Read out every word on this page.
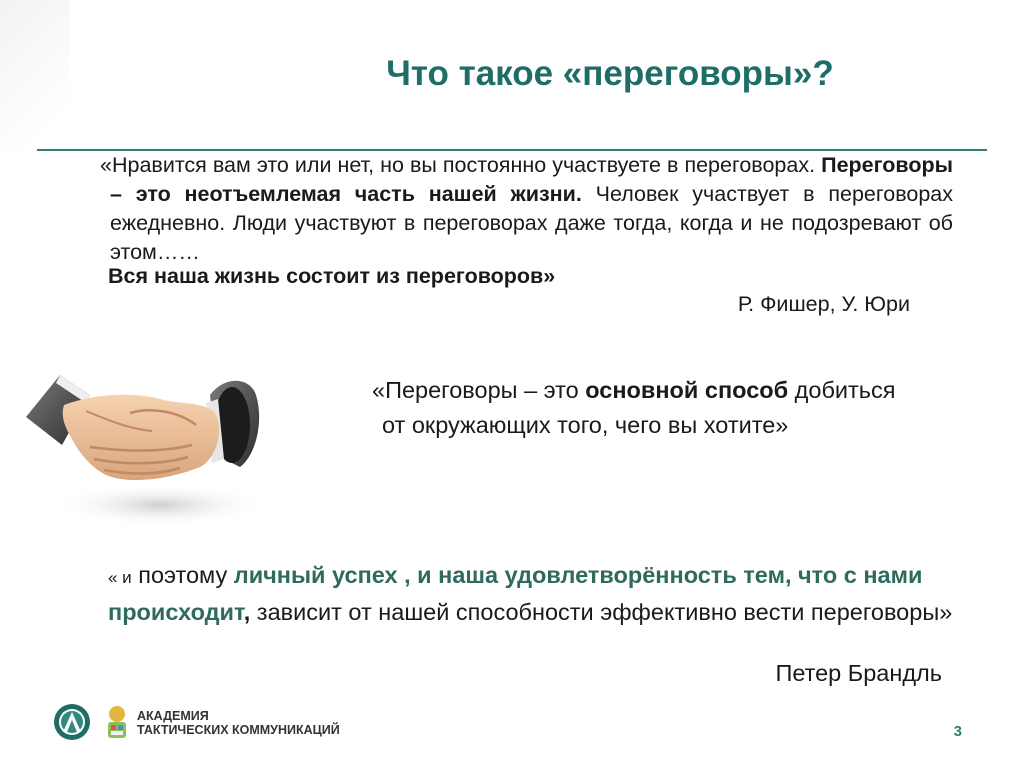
Что такое «переговоры»?

«Нравится вам это или нет, но вы постоянно участвуете в переговорах. Переговоры – это неотъемлемая часть нашей жизни. Человек участвует в переговорах ежедневно. Люди участвуют в переговорах даже тогда, когда и не подозревают об этом……

Вся наша жизнь состоит из переговоров»
Р. Фишер, У. Юри

«Переговоры – это основной способ добиться от окружающих того, чего вы хотите»

« и поэтому личный успех , и наша удовлетворённость тем, что с нами происходит, зависит от нашей способности эффективно вести переговоры»

Петер Брандль
АКАДЕМИЯ
ТАКТИЧЕСКИХ КОММУНИКАЦИЙ	3
